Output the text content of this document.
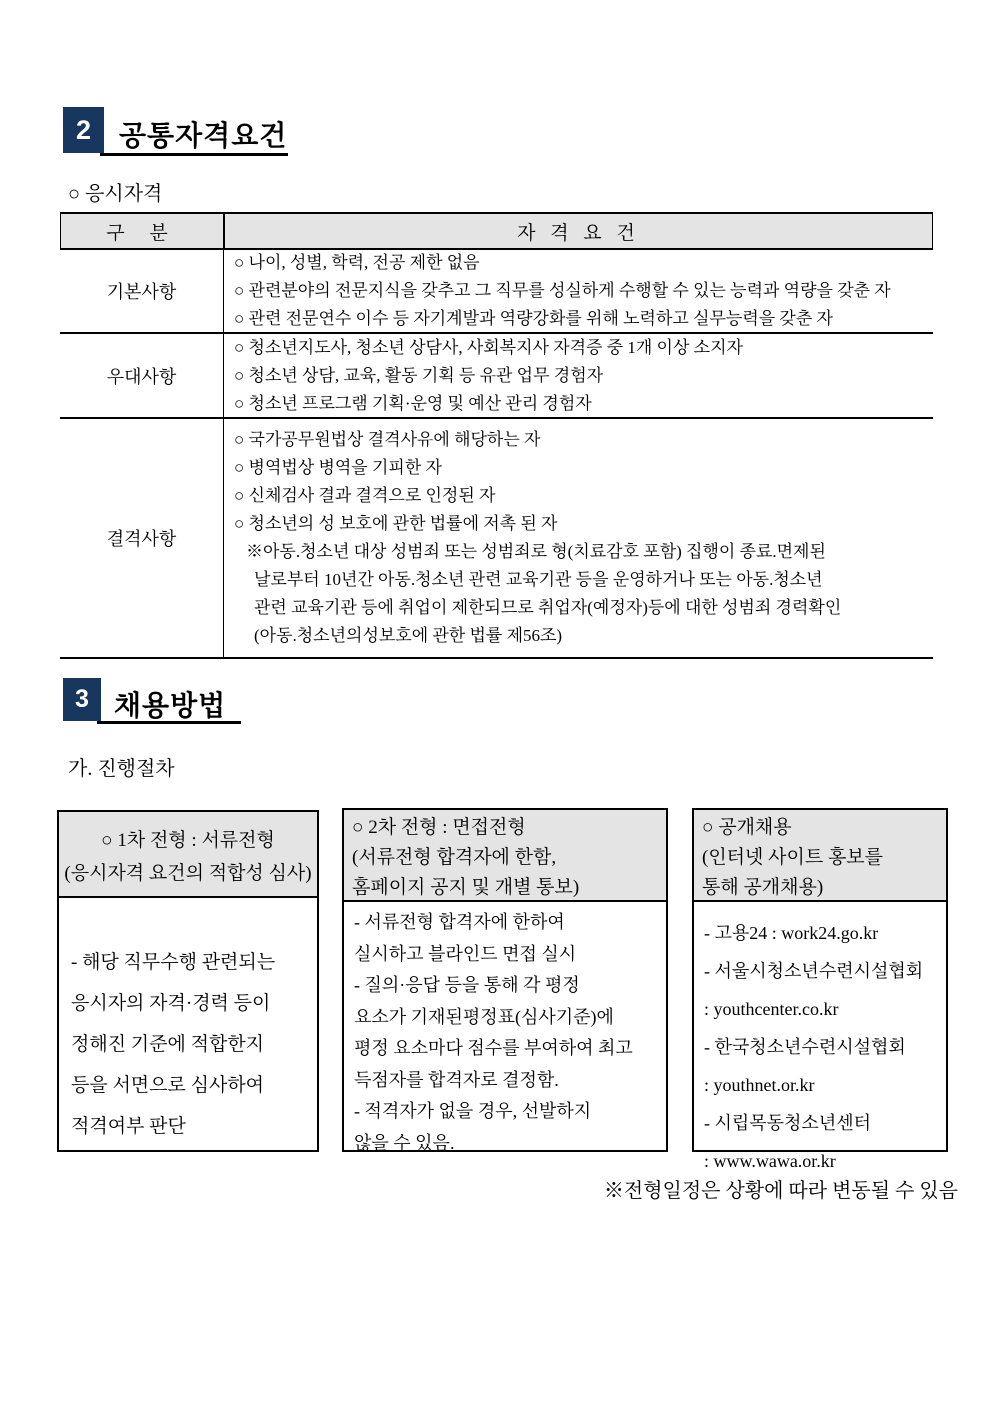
2 공통자격요건
○ 응시자격
구 분	자 격 요 건
기본사항
○ 나이, 성별, 학력, 전공 제한 없음
○ 관련분야의 전문지식을 갖추고 그 직무를 성실하게 수행할 수 있는 능력과 역량을 갖춘 자
○ 관련 전문연수 이수 등 자기계발과 역량강화를 위해 노력하고 실무능력을 갖춘 자
우대사항
○ 청소년지도사, 청소년 상담사, 사회복지사 자격증 중 1개 이상 소지자
○ 청소년 상담, 교육, 활동 기획 등 유관 업무 경험자
○ 청소년 프로그램 기획·운영 및 예산 관리 경험자
결격사항
○ 국가공무원법상 결격사유에 해당하는 자
○ 병역법상 병역을 기피한 자
○ 신체검사 결과 결격으로 인정된 자
○ 청소년의 성 보호에 관한 법률에 저촉 된 자
※아동.청소년 대상 성범죄 또는 성범죄로 형(치료감호 포함) 집행이 종료.면제된
날로부터 10년간 아동.청소년 관련 교육기관 등을 운영하거나 또는 아동.청소년
관련 교육기관 등에 취업이 제한되므로 취업자(예정자)등에 대한 성범죄 경력확인
(아동.청소년의성보호에 관한 법률 제56조)
3 채용방법
가. 진행절차
○ 1차 전형 : 서류전형
(응시자격 요건의 적합성 심사)
- 해당 직무수행 관련되는
응시자의 자격·경력 등이
정해진 기준에 적합한지
등을 서면으로 심사하여
적격여부 판단
○ 2차 전형 : 면접전형
(서류전형 합격자에 한함,
홈페이지 공지 및 개별 통보)
- 서류전형 합격자에 한하여
실시하고 블라인드 면접 실시
- 질의·응답 등을 통해 각 평정
요소가 기재된평정표(심사기준)에
평정 요소마다 점수를 부여하여 최고
득점자를 합격자로 결정함.
- 적격자가 없을 경우, 선발하지
않을 수 있음.
○ 공개채용
(인터넷 사이트 홍보를
통해 공개채용)
- 고용24 : work24.go.kr
- 서울시청소년수련시설협회
: youthcenter.co.kr
- 한국청소년수련시설협회
: youthnet.or.kr
- 시립목동청소년센터
: www.wawa.or.kr
※전형일정은 상황에 따라 변동될 수 있음
